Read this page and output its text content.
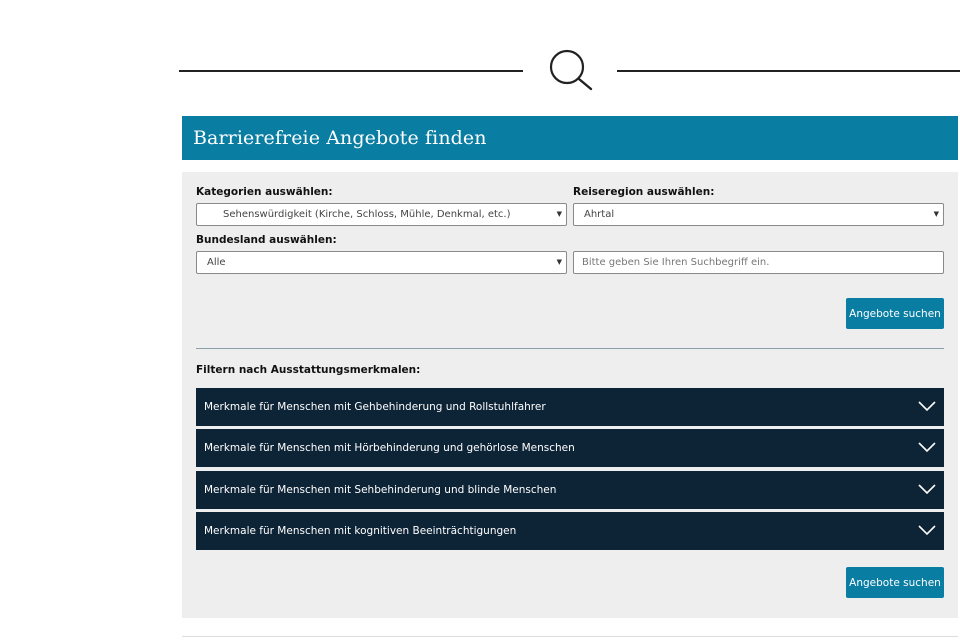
Barrierefreie Angebote finden
Kategorien auswählen:
Sehenswürdigkeit (Kirche, Schloss, Mühle, Denkmal, etc.)	▼
Reiseregion auswählen:
Ahrtal	▼
Bundesland auswählen:
Alle	▼ Bitte geben Sie Ihren Suchbegriff ein.
Angebote suchen
Filtern nach Ausstattungsmerkmalen:
Merkmale für Menschen mit Gehbehinderung und Rollstuhlfahrer
Merkmale für Menschen mit Hörbehinderung und gehörlose Menschen
Merkmale für Menschen mit Sehbehinderung und blinde Menschen
Merkmale für Menschen mit kognitiven Beeinträchtigungen
Angebote suchen
